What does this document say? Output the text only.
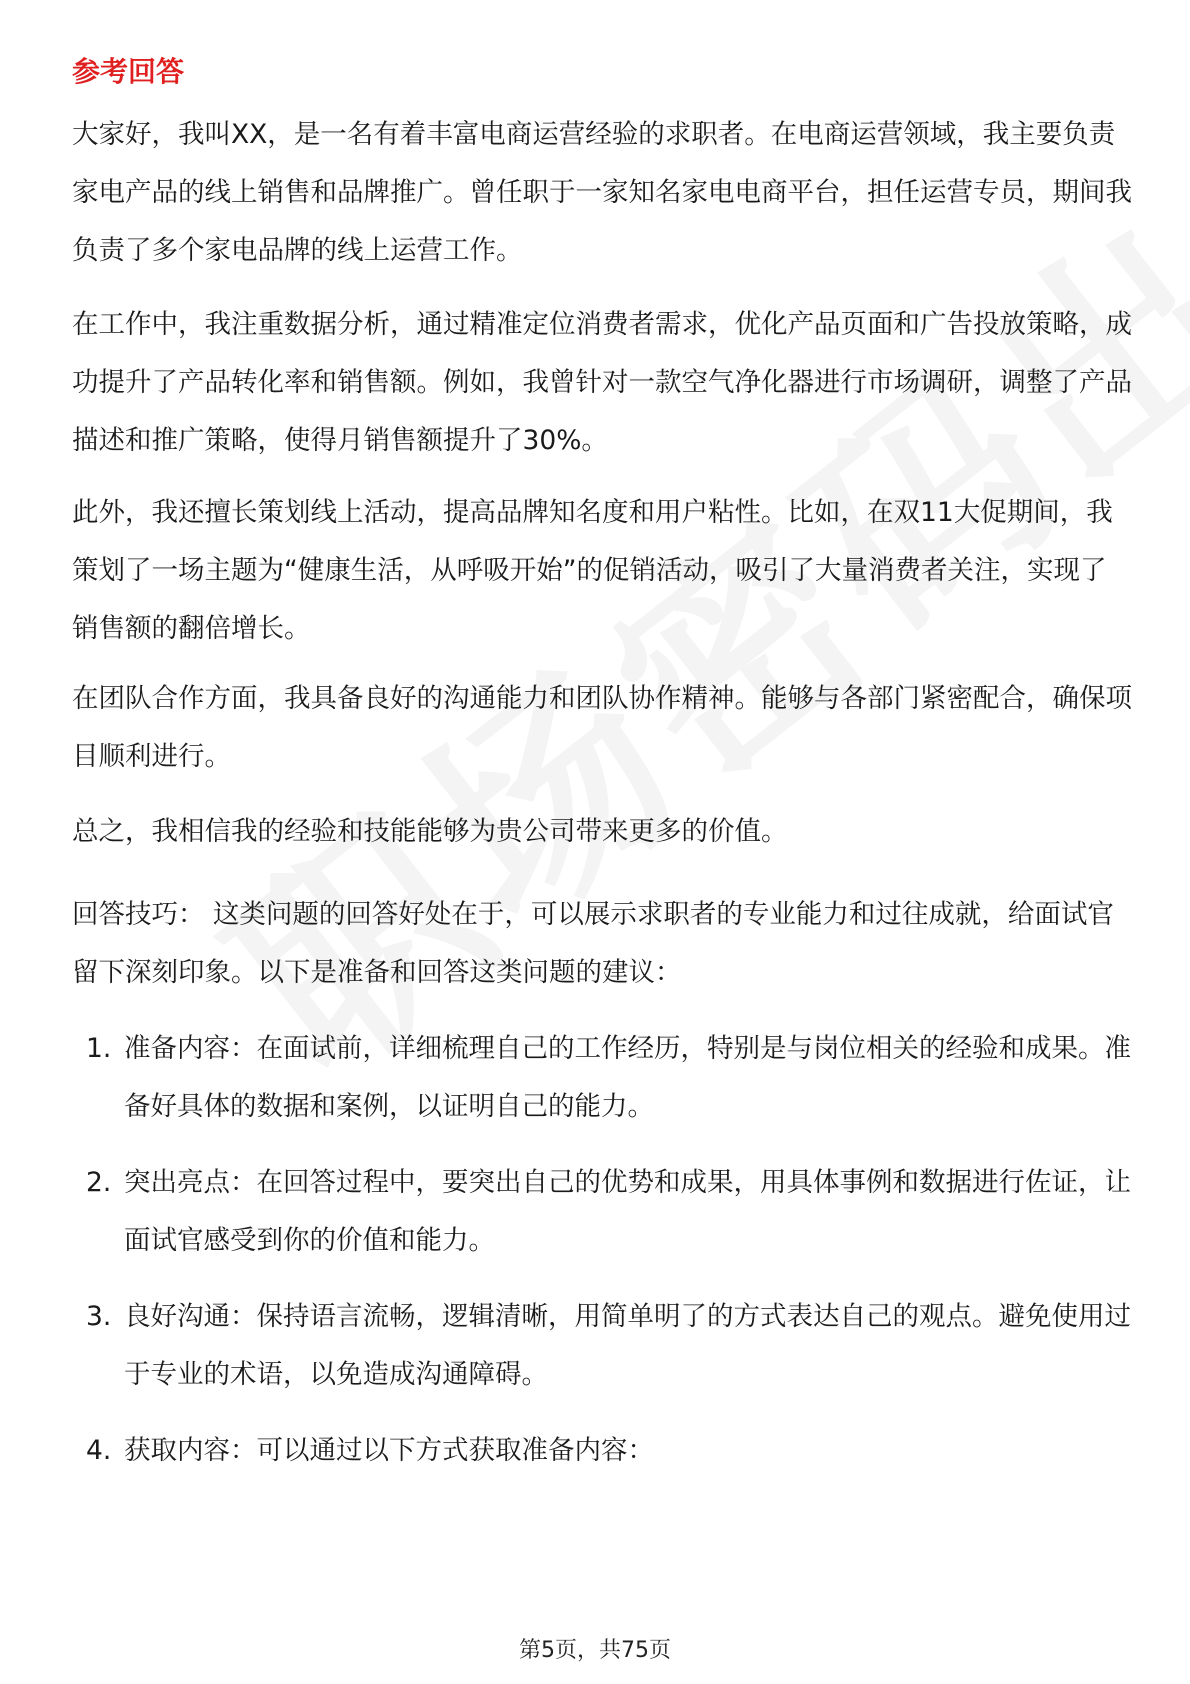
参考回答

大家好，我叫XX，是一名有着丰富电商运营经验的求职者。在电商运营领域，我主要负责家电产品的线上销售和品牌推广。曾任职于一家知名家电电商平台，担任运营专员，期间我负责了多个家电品牌的线上运营工作。

在工作中，我注重数据分析，通过精准定位消费者需求，优化产品页面和广告投放策略，成功提升了产品转化率和销售额。例如，我曾针对一款空气净化器进行市场调研，调整了产品描述和推广策略，使得月销售额提升了30%。

此外，我还擅长策划线上活动，提高品牌知名度和用户粘性。比如，在双11大促期间，我策划了一场主题为“健康生活，从呼吸开始”的促销活动，吸引了大量消费者关注，实现了销售额的翻倍增长。

在团队合作方面，我具备良好的沟通能力和团队协作精神。能够与各部门紧密配合，确保项目顺利进行。

总之，我相信我的经验和技能能够为贵公司带来更多的价值。

回答技巧： 这类问题的回答好处在于，可以展示求职者的专业能力和过往成就，给面试官留下深刻印象。以下是准备和回答这类问题的建议：

1. 准备内容：在面试前，详细梳理自己的工作经历，特别是与岗位相关的经验和成果。准备好具体的数据和案例，以证明自己的能力。
2. 突出亮点：在回答过程中，要突出自己的优势和成果，用具体事例和数据进行佐证，让面试官感受到你的价值和能力。
3. 良好沟通：保持语言流畅，逻辑清晰，用简单明了的方式表达自己的观点。避免使用过于专业的术语，以免造成沟通障碍。
4. 获取内容：可以通过以下方式获取准备内容：
第5页，共75页
